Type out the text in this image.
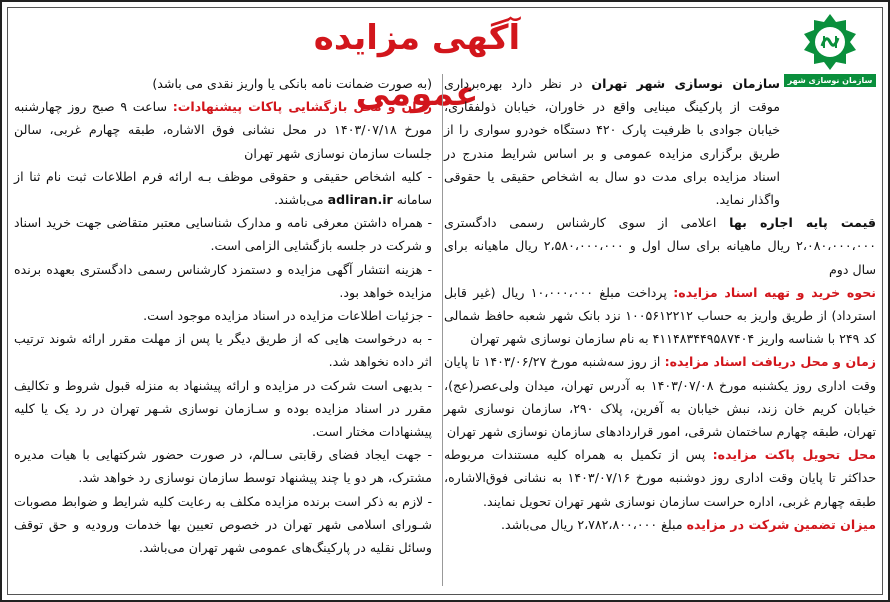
آگهی مزایده عمومی	سازمان نوسازی شهر تهران

سازمان نوسازی شهر تهران در نظر دارد بهره‌برداری موقت از پارکینگ مینایی واقع در خاوران، خیابان ذولفقاری، خیابان جوادی با ظرفیت پارک ۴۲۰ دستگاه خودرو سواری را از طریق برگزاری مزایده عمومی و بر اساس شرایط مندرج در اسناد مزایده برای مدت دو سال به اشخاص حقیقی یا حقوقی واگذار نماید.

قیمت پایه اجاره بها اعلامی از سوی کارشناس رسمی دادگستری ۲،۰۸۰،۰۰۰،۰۰۰ ریال ماهیانه برای سال اول و ۲،۵۸۰،۰۰۰،۰۰۰ ریال ماهیانه برای سال دوم

نحوه خرید و تهیه اسناد مزایده: پرداخت مبلغ ۱۰،۰۰۰،۰۰۰ ریال (غیر قابل استرداد) از طریق واریز به حساب ۱۰۰۵۶۱۲۲۱۲ نزد بانک شهر شعبه حافظ شمالی کد ۲۴۹ با شناسه واریز ۴۱۱۴۸۳۴۴۹۵۸۷۴۰۴ به نام سازمان نوسازی شهر تهران

زمان و محل دریافت اسناد مزایده: از روز سه‌شنبه مورخ ۱۴۰۳/۰۶/۲۷ تا پایان وقت اداری روز یکشنبه مورخ ۱۴۰۳/۰۷/۰۸ به آدرس تهران، میدان ولی‌عصر(عج)، خیابان کریم خان زند، نبش خیابان به آفرین، پلاک ۲۹۰، سازمان نوسازی شهر تهران، طبقه چهارم ساختمان شرقی، امور قراردادهای سازمان نوسازی شهر تهران

محل تحویل پاکت مزایده: پس از تکمیل به همراه کلیه مستندات مربوطه حداکثر تا پایان وقت اداری روز دوشنبه مورخ ۱۴۰۳/۰۷/۱۶ به نشانی فوق‌الاشاره، طبقه چهارم غربی، اداره حراست سازمان نوسازی شهر تهران تحویل نمایند.

میزان تضمین شرکت در مزایده مبلغ ۲،۷۸۲،۸۰۰،۰۰۰ ریال می‌باشد.

(به صورت ضمانت نامه بانکی یا واریز نقدی می باشد)

زمان و محل بازگشایی پاکات پیشنهادات: ساعت ۹ صبح روز چهارشنبه مورخ ۱۴۰۳/۰۷/۱۸ در محل نشانی فوق الاشاره، طبقه چهارم غربی، سالن جلسات سازمان نوسازی شهر تهران

- کلیه اشخاص حقیقی و حقوقی موظف بـه ارائه فرم اطلاعات ثبت نام ثنا از سامانه adliran.ir می‌باشند.

- همراه داشتن معرفی نامه و مدارک شناسایی معتبر متقاضی جهت خرید اسناد و شرکت در جلسه بازگشایی الزامی است.

- هزینه انتشار آگهی مزایده و دستمزد کارشناس رسمی دادگستری بعهده برنده مزایده خواهد بود.

- جزئیات اطلاعات مزایده در اسناد مزایده موجود است.

- به درخواست هایی که از طریق دیگر یا پس از مهلت مقرر ارائه شوند ترتیب اثر داده نخواهد شد.

- بدیهی است شرکت در مزایده و ارائه پیشنهاد به منزله قبول شروط و تکالیف مقرر در اسناد مزایده بوده و سـازمان نوسازی شـهر تهران در رد یک یا کلیه پیشنهادات مختار است.

- جهت ایجاد فضای رقابتی سـالم، در صورت حضور شرکتهایی با هیات مدیره مشترک، هر دو یا چند پیشنهاد توسط سازمان نوسازی رد خواهد شد.

- لازم به ذکر است برنده مزایده مکلف به رعایت کلیه شرایط و ضوابط مصوبات شـورای اسلامی شهر تهران در خصوص تعیین بها خدمات ورودیه و حق توقف وسائل نقلیه در پارکینگ‌های عمومی شهر تهران می‌باشد.
